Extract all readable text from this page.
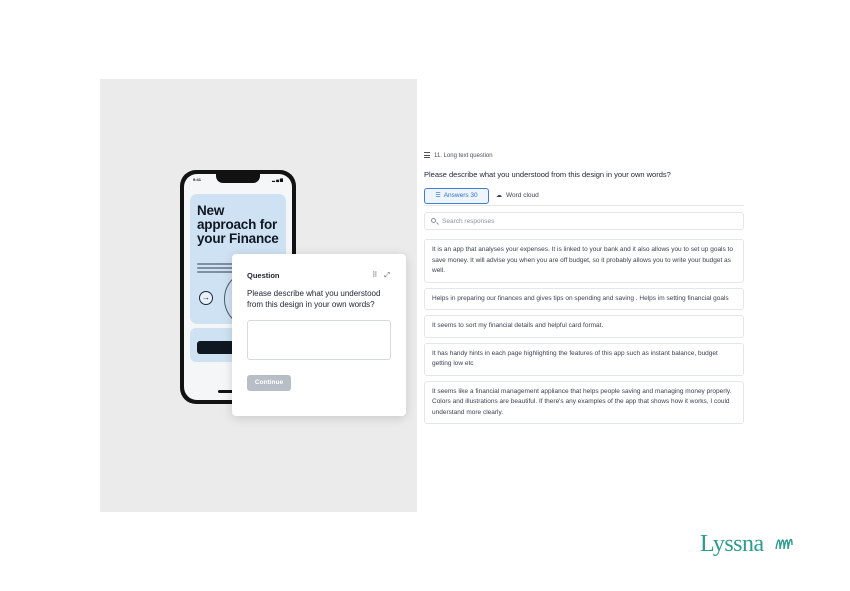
9:41	▂▄▆
New approach for your Finance
→
Question	⠿ ⤢
Please describe what you understood from this design in your own words?
Continue
11. Long text question
Please describe what you understood from this design in your own words?
☰ Answers 30	☁ Word cloud
Search responses
It is an app that analyses your expenses. It is linked to your bank and it also allows you to set up goals to save money. It will advise you when you are off budget, so it probably allows you to write your budget as well.
Helps in preparing our finances and gives tips on spending and saving . Helps im setting financial goals
It seems to sort my financial details and helpful card format.
It has handy hints in each page highlighting the features of this app such as instant balance, budget getting low etc
It seems like a financial management appliance that helps people saving and managing money properly. Colors and illustrations are beautiful. If there's any examples of the app that shows how it works, I could understand more clearly.
Lyssna
